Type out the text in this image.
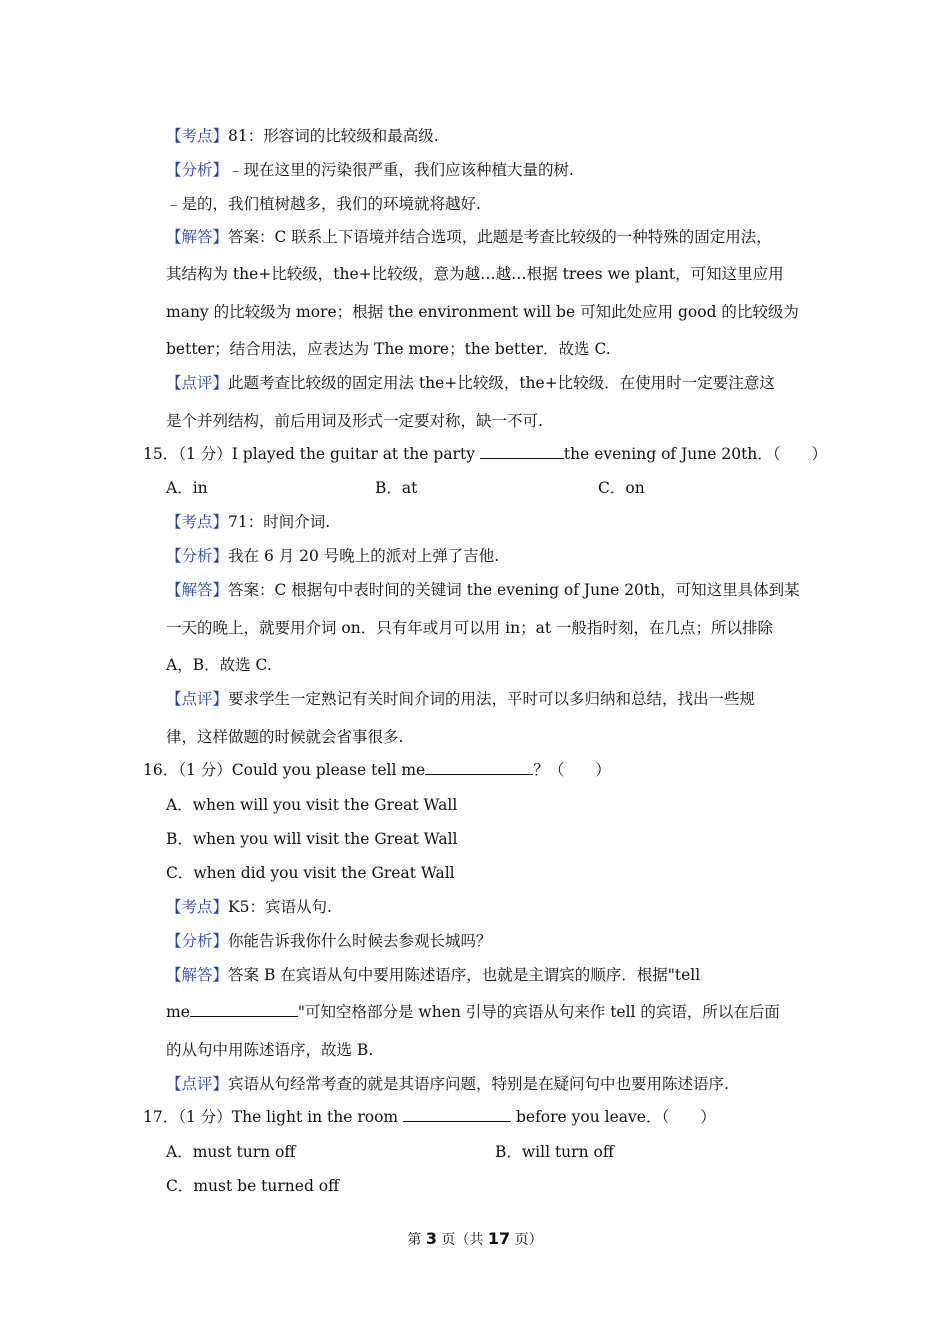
【考点】81：形容词的比较级和最高级.
【分析】﹣现在这里的污染很严重，我们应该种植大量的树.
﹣是的，我们植树越多，我们的环境就将越好.
【解答】答案：C 联系上下语境并结合选项，此题是考查比较级的一种特殊的固定用法，
其结构为 the+比较级，the+比较级，意为越…越…根据 trees we plant，可知这里应用
many 的比较级为 more；根据 the environment will be 可知此处应用 good 的比较级为
better；结合用法，应表达为 The more；the better．故选 C.
【点评】此题考查比较级的固定用法 the+比较级，the+比较级．在使用时一定要注意这
是个并列结构，前后用词及形式一定要对称，缺一不可.
15．（1 分）I played the guitar at the party	the evening of June 20th．（　　）
A．in	B．at	C．on
【考点】71：时间介词.
【分析】我在 6 月 20 号晚上的派对上弹了吉他.
【解答】答案：C 根据句中表时间的关键词 the evening of June 20th，可知这里具体到某
一天的晚上，就要用介词 on．只有年或月可以用 in；at 一般指时刻，在几点；所以排除
A，B．故选 C.
【点评】要求学生一定熟记有关时间介词的用法，平时可以多归纳和总结，找出一些规
律，这样做题的时候就会省事很多.
16．（1 分）Could you please tell me	？（　　）
A．when will you visit the Great Wall
B．when you will visit the Great Wall
C．when did you visit the Great Wall
【考点】K5：宾语从句.
【分析】你能告诉我你什么时候去参观长城吗？
【解答】答案 B 在宾语从句中要用陈述语序，也就是主谓宾的顺序．根据"tell
me	"可知空格部分是 when 引导的宾语从句来作 tell 的宾语，所以在后面
的从句中用陈述语序，故选 B.
【点评】宾语从句经常考查的就是其语序问题，特别是在疑问句中也要用陈述语序.
17．（1 分）The light in the room	before you leave．（　　）
A．must turn off	B．will turn off
C．must be turned off
第 3 页（共 17 页）
